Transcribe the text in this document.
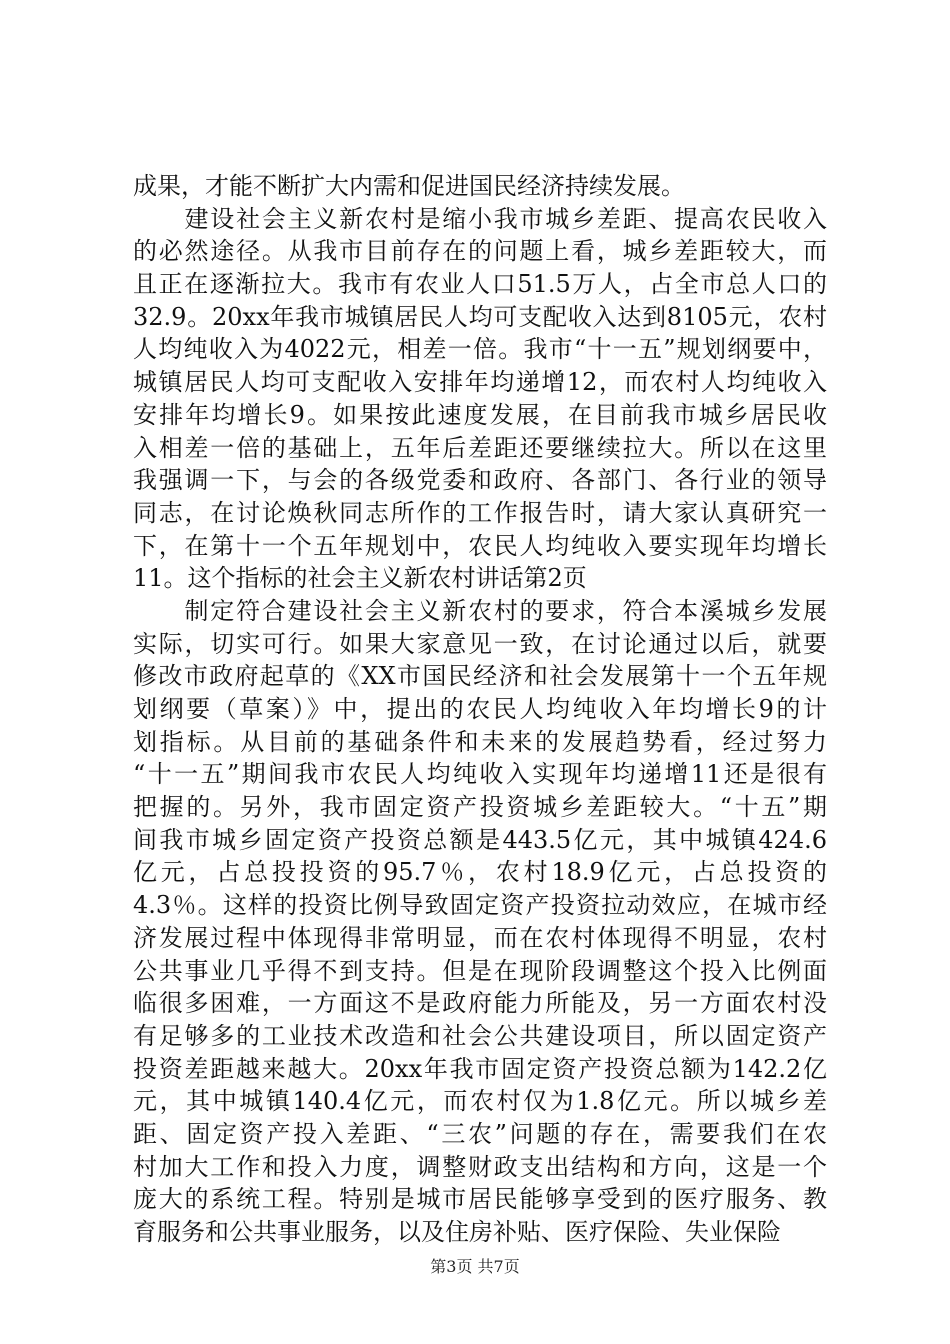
成果，才能不断扩大内需和促进国民经济持续发展。
　　建设社会主义新农村是缩小我市城乡差距、提高农民收入
的必然途径。从我市目前存在的问题上看，城乡差距较大，而
且正在逐渐拉大。我市有农业人口51.5万人，占全市总人口的
32.9。20xx年我市城镇居民人均可支配收入达到8105元，农村
人均纯收入为4022元，相差一倍。我市“十一五”规划纲要中，
城镇居民人均可支配收入安排年均递增12，而农村人均纯收入
安排年均增长9。如果按此速度发展，在目前我市城乡居民收
入相差一倍的基础上，五年后差距还要继续拉大。所以在这里
我强调一下，与会的各级党委和政府、各部门、各行业的领导
同志，在讨论焕秋同志所作的工作报告时，请大家认真研究一
下，在第十一个五年规划中，农民人均纯收入要实现年均增长
11。这个指标的社会主义新农村讲话第2页
　　制定符合建设社会主义新农村的要求，符合本溪城乡发展
实际，切实可行。如果大家意见一致，在讨论通过以后，就要
修改市政府起草的《XX市国民经济和社会发展第十一个五年规
划纲要（草案）》中，提出的农民人均纯收入年均增长9的计
划指标。从目前的基础条件和未来的发展趋势看，经过努力
“十一五”期间我市农民人均纯收入实现年均递增11还是很有
把握的。另外，我市固定资产投资城乡差距较大。“十五”期
间我市城乡固定资产投资总额是443.5亿元，其中城镇424.6
亿元，占总投投资的95.7％，农村18.9亿元，占总投资的
4.3％。这样的投资比例导致固定资产投资拉动效应，在城市经
济发展过程中体现得非常明显，而在农村体现得不明显，农村
公共事业几乎得不到支持。但是在现阶段调整这个投入比例面
临很多困难，一方面这不是政府能力所能及，另一方面农村没
有足够多的工业技术改造和社会公共建设项目，所以固定资产
投资差距越来越大。20xx年我市固定资产投资总额为142.2亿
元，其中城镇140.4亿元，而农村仅为1.8亿元。所以城乡差
距、固定资产投入差距、“三农”问题的存在，需要我们在农
村加大工作和投入力度，调整财政支出结构和方向，这是一个
庞大的系统工程。特别是城市居民能够享受到的医疗服务、教
育服务和公共事业服务，以及住房补贴、医疗保险、失业保险
第3页 共7页
